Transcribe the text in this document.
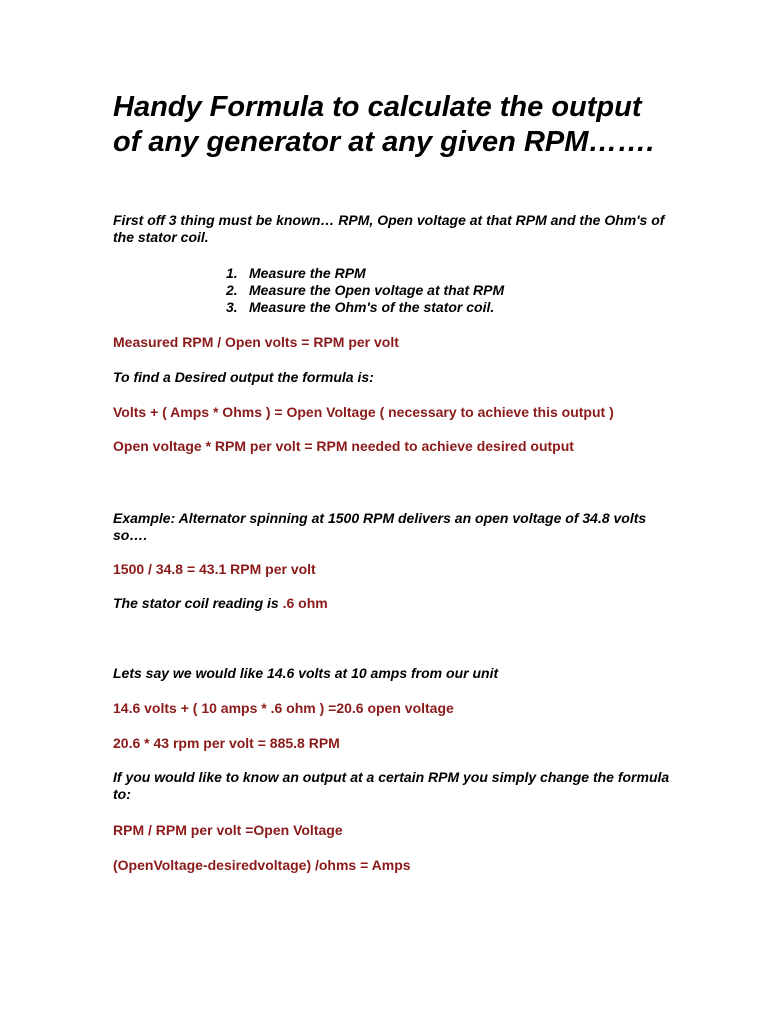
Handy Formula to calculate the output of any generator at any given RPM…….

First off 3 thing must be known… RPM, Open voltage at that RPM and the Ohm's of the stator coil.

1. Measure the RPM
2. Measure the Open voltage at that RPM
3. Measure the Ohm's of the stator coil.

Measured RPM / Open volts = RPM per volt

To find a Desired output the formula is:

Volts + ( Amps * Ohms ) = Open Voltage ( necessary to achieve this output )

Open voltage * RPM per volt = RPM needed to achieve desired output

Example: Alternator spinning at 1500 RPM delivers an open voltage of 34.8 volts so….

1500 / 34.8 = 43.1 RPM per volt

The stator coil reading is .6 ohm

Lets say we would like 14.6 volts at 10 amps from our unit

14.6 volts + ( 10 amps * .6 ohm ) =20.6 open voltage

20.6 * 43 rpm per volt = 885.8 RPM

If you would like to know an output at a certain RPM you simply change the formula to:

RPM / RPM per volt =Open Voltage

(OpenVoltage-desiredvoltage) /ohms = Amps
